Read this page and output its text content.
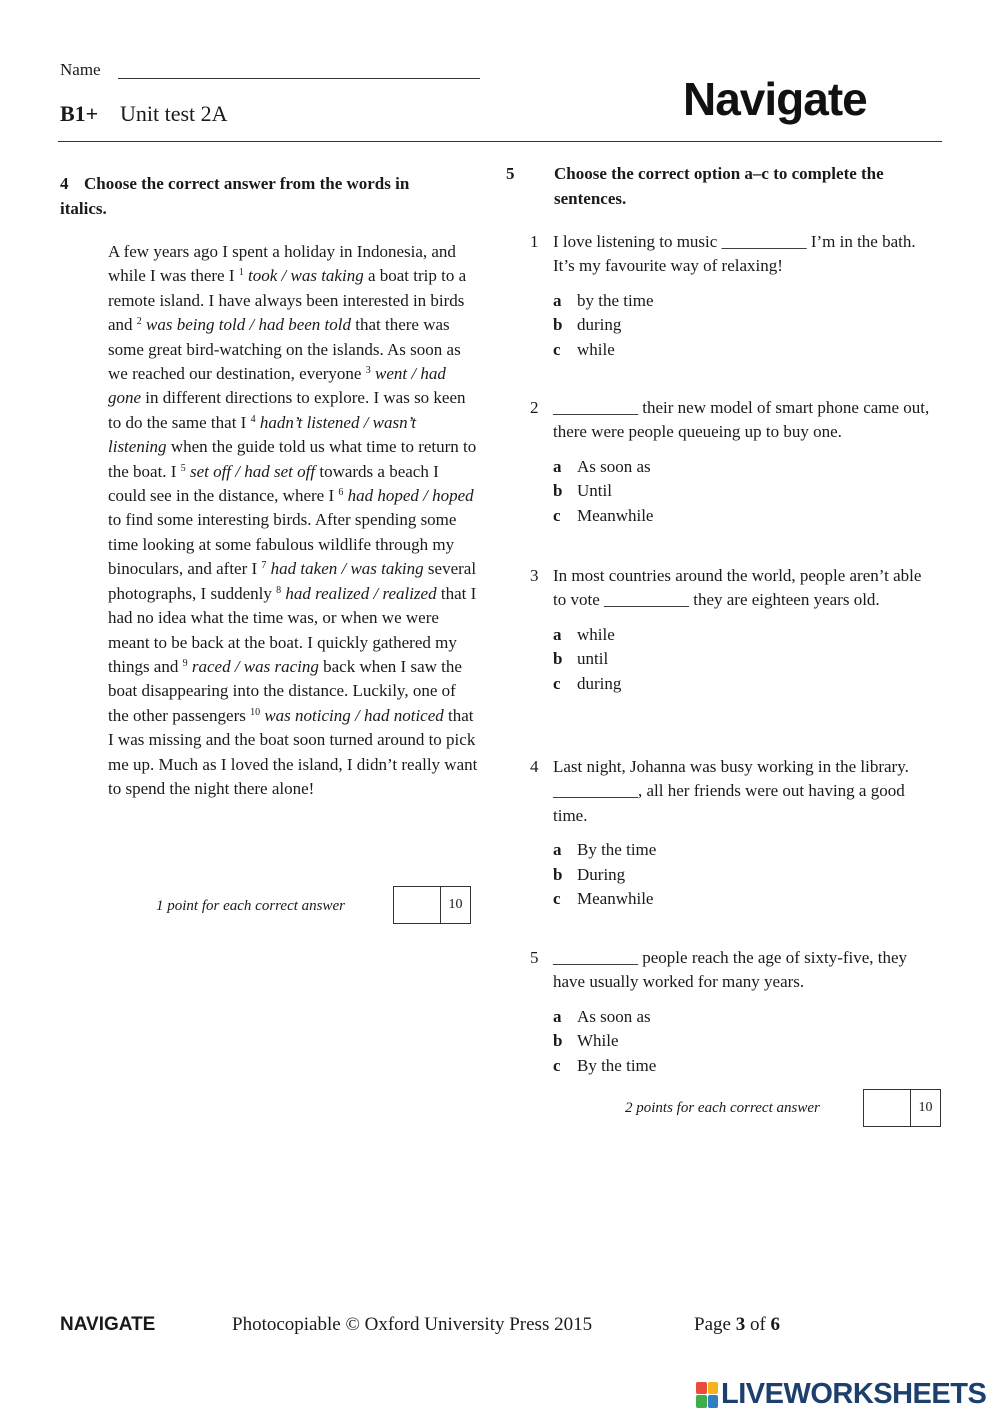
Name
B1+ Unit test 2A	Navigate
4 Choose the correct answer from the words in italics.
A few years ago I spent a holiday in Indonesia, and while I was there I $^1$ took / was taking a boat trip to a remote island. I have always been interested in birds and $^2$ was being told / had been told that there was some great bird-watching on the islands. As soon as we reached our destination, everyone $^3$ went / had gone in different directions to explore. I was so keen to do the same that I $^4$ hadn’t listened / wasn’t listening when the guide told us what time to return to the boat. I $^5$ set off / had set off towards a beach I could see in the distance, where I $^6$ had hoped / hoped to find some interesting birds. After spending some time looking at some fabulous wildlife through my binoculars, and after I $^7$ had taken / was taking several photographs, I suddenly $^8$ had realized / realized that I had no idea what the time was, or when we were meant to be back at the boat. I quickly gathered my things and $^9$ raced / was racing back when I saw the boat disappearing into the distance. Luckily, one of the other passengers $^{10}$ was noticing / had noticed that I was missing and the boat soon turned around to pick me up. Much as I loved the island, I didn’t really want to spend the night there alone!
1 point for each correct answer	10
5 Choose the correct option a–c to complete the sentences.
1 I love listening to music __________ I’m in the bath. It’s my favourite way of relaxing!
a by the time
b during
c while
2 __________ their new model of smart phone came out, there were people queueing up to buy one.
a As soon as
b Until
c Meanwhile
3 In most countries around the world, people aren’t able to vote __________ they are eighteen years old.
a while
b until
c during
4 Last night, Johanna was busy working in the library. __________, all her friends were out having a good time.
a By the time
b During
c Meanwhile
5 __________ people reach the age of sixty-five, they have usually worked for many years.
a As soon as
b While
c By the time
2 points for each correct answer	10
NAVIGATE	Photocopiable © Oxford University Press 2015	Page 3 of 6
LIVEWORKSHEETS
